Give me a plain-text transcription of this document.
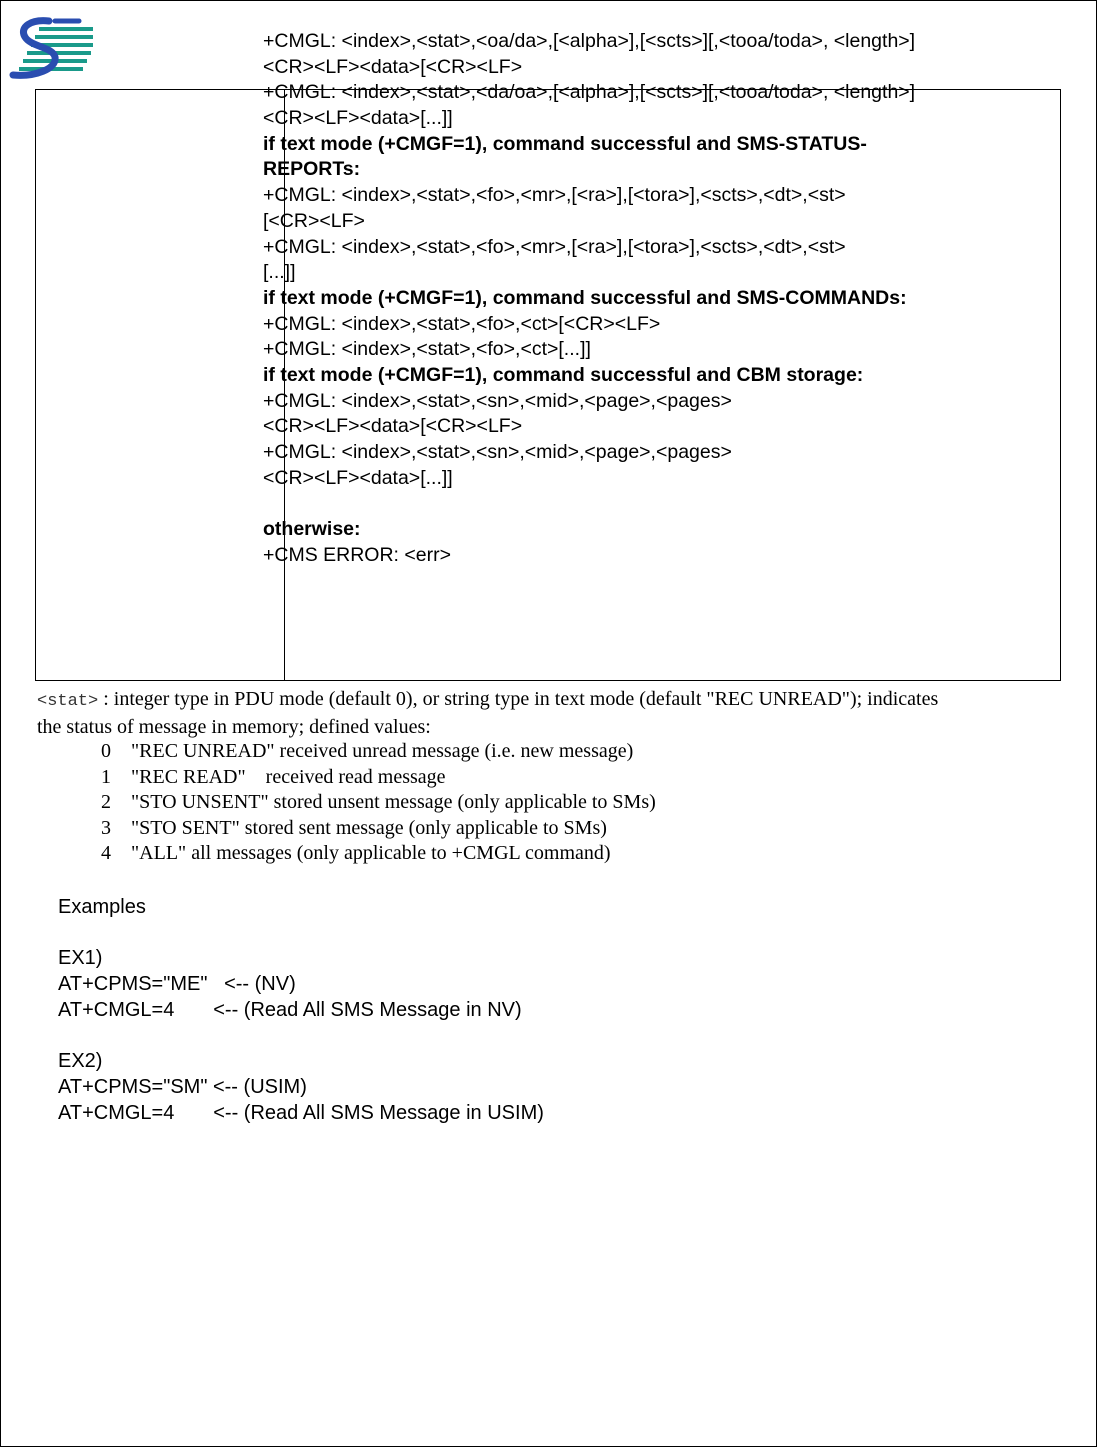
+CMGL: <index>,<stat>,<oa/da>,[<alpha>],[<scts>][,<tooa/toda>, <length>]
<CR><LF><data>[<CR><LF>
+CMGL: <index>,<stat>,<da/oa>,[<alpha>],[<scts>][,<tooa/toda>, <length>]
<CR><LF><data>[...]]
if text mode (+CMGF=1), command successful and SMS-STATUS-
REPORTs:
+CMGL: <index>,<stat>,<fo>,<mr>,[<ra>],[<tora>],<scts>,<dt>,<st>
[<CR><LF>
+CMGL: <index>,<stat>,<fo>,<mr>,[<ra>],[<tora>],<scts>,<dt>,<st>
[...]]
if text mode (+CMGF=1), command successful and SMS-COMMANDs:
+CMGL: <index>,<stat>,<fo>,<ct>[<CR><LF>
+CMGL: <index>,<stat>,<fo>,<ct>[...]]
if text mode (+CMGF=1), command successful and CBM storage:
+CMGL: <index>,<stat>,<sn>,<mid>,<page>,<pages>
<CR><LF><data>[<CR><LF>
+CMGL: <index>,<stat>,<sn>,<mid>,<page>,<pages>
<CR><LF><data>[...]]
otherwise:
+CMS ERROR: <err>
<stat> : integer type in PDU mode (default 0), or string type in text mode (default "REC UNREAD"); indicates
the status of message in memory; defined values:
0 "REC UNREAD" received unread message (i.e. new message)
1 "REC READ"    received read message
2 "STO UNSENT" stored unsent message (only applicable to SMs)
3 "STO SENT" stored sent message (only applicable to SMs)
4 "ALL" all messages (only applicable to +CMGL command)
Examples
EX1)
AT+CPMS="ME"   <-- (NV)
AT+CMGL=4       <-- (Read All SMS Message in NV)
EX2)
AT+CPMS="SM" <-- (USIM)
AT+CMGL=4       <-- (Read All SMS Message in USIM)
